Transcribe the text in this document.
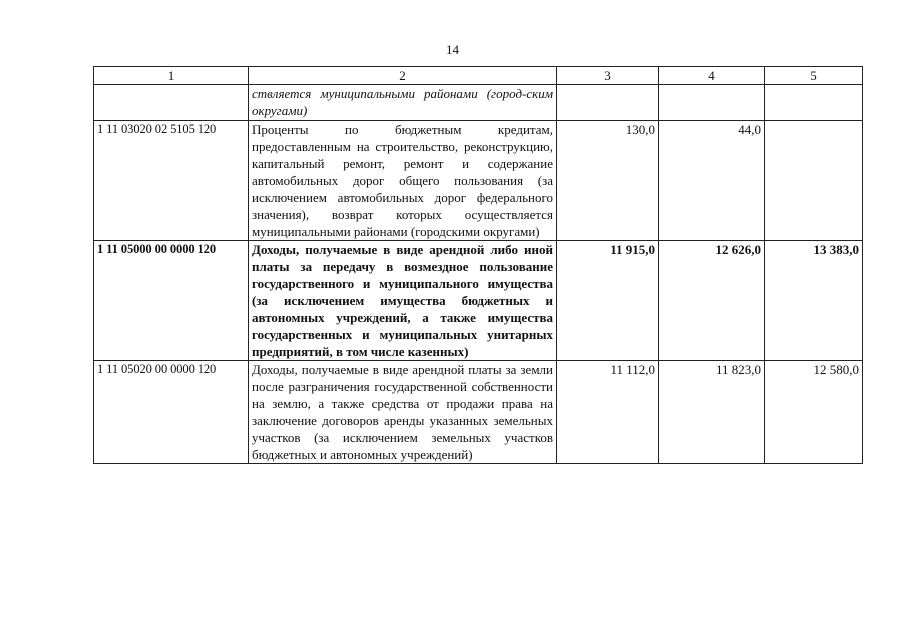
14
1	2	3	4	5
	ствляется муниципальными районами (город-ским округами)			
1 11 03020 02 5105 120	Проценты по бюджетным кредитам, предоставленным на строительство, реконструкцию, капитальный ремонт, ремонт и содержание автомобильных дорог общего пользования (за исключением автомобильных дорог федерального значения), возврат которых осуществляется муниципальными районами (городскими округами)	130,0	44,0	
1 11 05000 00 0000 120	Доходы, получаемые в виде арендной либо иной платы за передачу в возмездное пользование государственного и муниципального имущества (за исключением имущества бюджетных и автономных учреждений, а также имущества государственных и муниципальных унитарных предприятий, в том числе казенных)	11 915,0	12 626,0	13 383,0
1 11 05020 00 0000 120	Доходы, получаемые в виде арендной платы за земли после разграничения государственной собственности на землю, а также средства от продажи права на заключение договоров аренды указанных земельных участков (за исключением земельных участков бюджетных и автономных учреждений)	11 112,0	11 823,0	12 580,0
